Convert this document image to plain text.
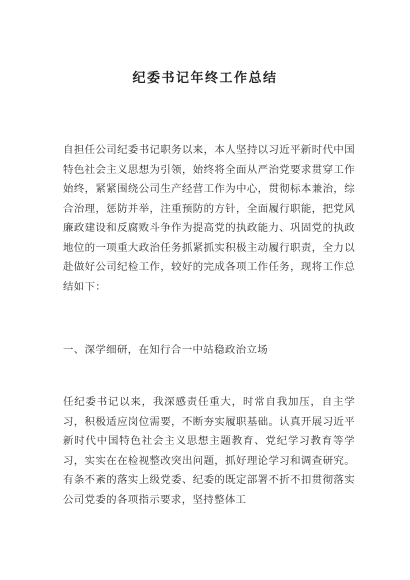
纪委书记年终工作总结

自担任公司纪委书记职务以来，本人坚持以习近平新时代中国特色社会主义思想为引领，始终将全面从严治党要求贯穿工作始终，紧紧围绕公司生产经营工作为中心，贯彻标本兼治，综合治理，惩防并举，注重预防的方针，全面履行职能，把党风廉政建设和反腐败斗争作为提高党的执政能力、巩固党的执政地位的一项重大政治任务抓紧抓实积极主动履行职责，全力以赴做好公司纪检工作，较好的完成各项工作任务，现将工作总结如下：

一、深学细研，在知行合一中站稳政治立场

任纪委书记以来，我深感责任重大，时常自我加压，自主学习，积极适应岗位需要，不断夯实履职基础。认真开展习近平新时代中国特色社会主义思想主题教育、党纪学习教育等学习，实实在在检视整改突出问题，抓好理论学习和调查研究。有条不紊的落实上级党委、纪委的既定部署不折不扣贯彻落实公司党委的各项指示要求，坚持整体工
